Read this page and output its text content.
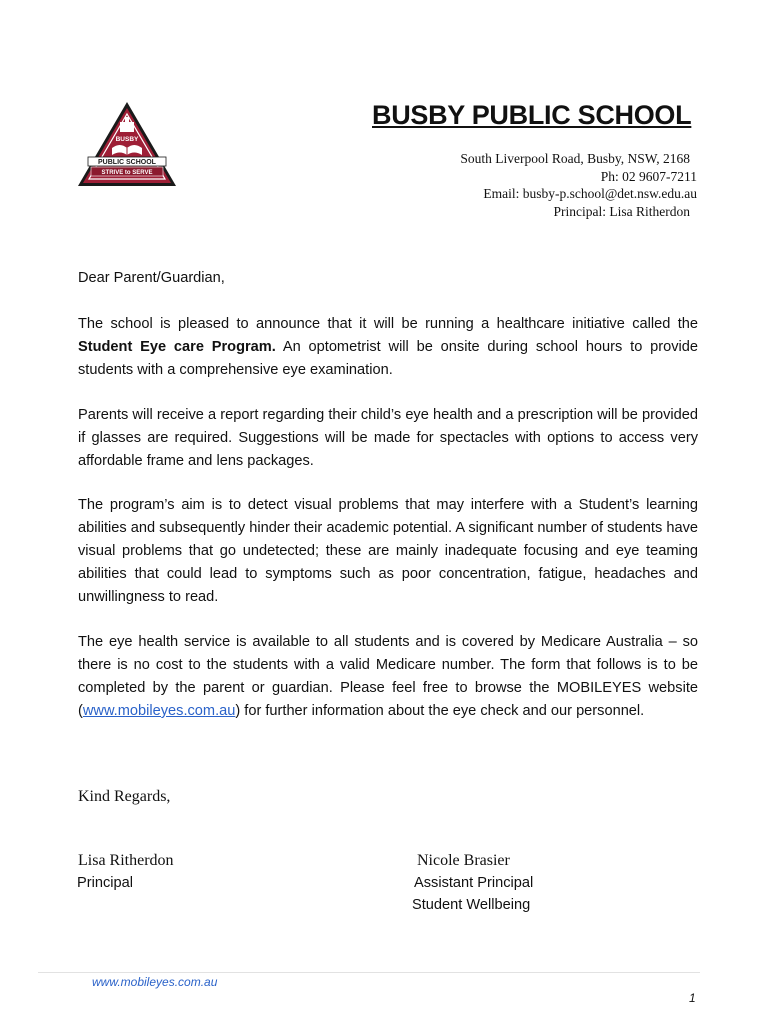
BUSBY
PUBLIC SCHOOL
STRIVE to SERVE
BUSBY PUBLIC SCHOOL
South Liverpool Road, Busby, NSW, 2168
Ph: 02 9607-7211
Email: busby-p.school@det.nsw.edu.au
Principal: Lisa Ritherdon
Dear Parent/Guardian,

The school is pleased to announce that it will be running a healthcare initiative called the Student Eye care Program. An optometrist will be onsite during school hours to provide students with a comprehensive eye examination.

Parents will receive a report regarding their child’s eye health and a prescription will be provided if glasses are required. Suggestions will be made for spectacles with options to access very affordable frame and lens packages.

The program’s aim is to detect visual problems that may interfere with a Student’s learning abilities and subsequently hinder their academic potential. A significant number of students have visual problems that go undetected; these are mainly inadequate focusing and eye teaming abilities that could lead to symptoms such as poor concentration, fatigue, headaches and unwillingness to read.

The eye health service is available to all students and is covered by Medicare Australia – so there is no cost to the students with a valid Medicare number. The form that follows is to be completed by the parent or guardian. Please feel free to browse the MOBILEYES website (www.mobileyes.com.au) for further information about the eye check and our personnel.

Kind Regards,
Lisa Ritherdon
Principal
Nicole Brasier
Assistant Principal
Student Wellbeing
www.mobileyes.com.au
1
